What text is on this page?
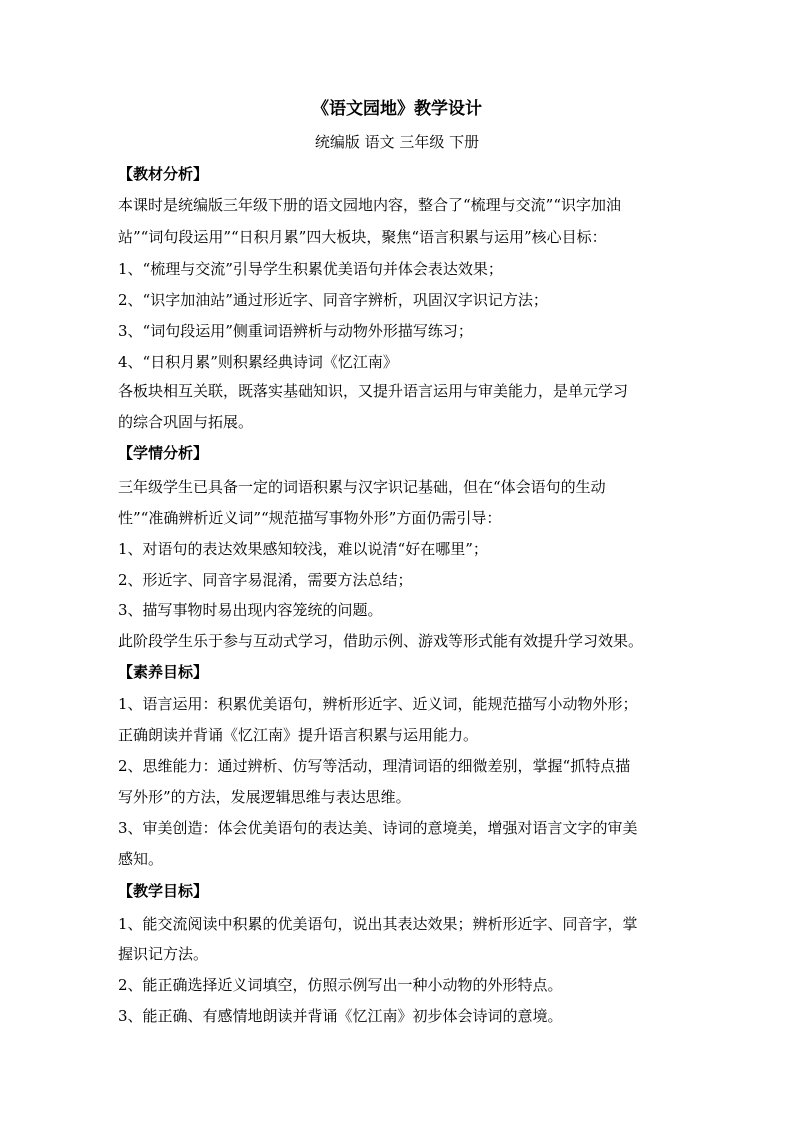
《语文园地》教学设计
统编版 语文 三年级 下册
【教材分析】
本课时是统编版三年级下册的语文园地内容，整合了“梳理与交流”“识字加油
站”“词句段运用”“日积月累”四大板块，聚焦“语言积累与运用”核心目标：
1、“梳理与交流”引导学生积累优美语句并体会表达效果；
2、“识字加油站”通过形近字、同音字辨析，巩固汉字识记方法；
3、“词句段运用”侧重词语辨析与动物外形描写练习；
4、“日积月累”则积累经典诗词《忆江南》
各板块相互关联，既落实基础知识，又提升语言运用与审美能力，是单元学习
的综合巩固与拓展。
【学情分析】
三年级学生已具备一定的词语积累与汉字识记基础，但在“体会语句的生动
性”“准确辨析近义词”“规范描写事物外形”方面仍需引导：
1、对语句的表达效果感知较浅，难以说清“好在哪里”；
2、形近字、同音字易混淆，需要方法总结；
3、描写事物时易出现内容笼统的问题。
此阶段学生乐于参与互动式学习，借助示例、游戏等形式能有效提升学习效果。
【素养目标】
1、语言运用：积累优美语句，辨析形近字、近义词，能规范描写小动物外形；
正确朗读并背诵《忆江南》提升语言积累与运用能力。
2、思维能力：通过辨析、仿写等活动，理清词语的细微差别，掌握“抓特点描
写外形”的方法，发展逻辑思维与表达思维。
3、审美创造：体会优美语句的表达美、诗词的意境美，增强对语言文字的审美
感知。
【教学目标】
1、能交流阅读中积累的优美语句，说出其表达效果；辨析形近字、同音字，掌
握识记方法。
2、能正确选择近义词填空，仿照示例写出一种小动物的外形特点。
3、能正确、有感情地朗读并背诵《忆江南》初步体会诗词的意境。
